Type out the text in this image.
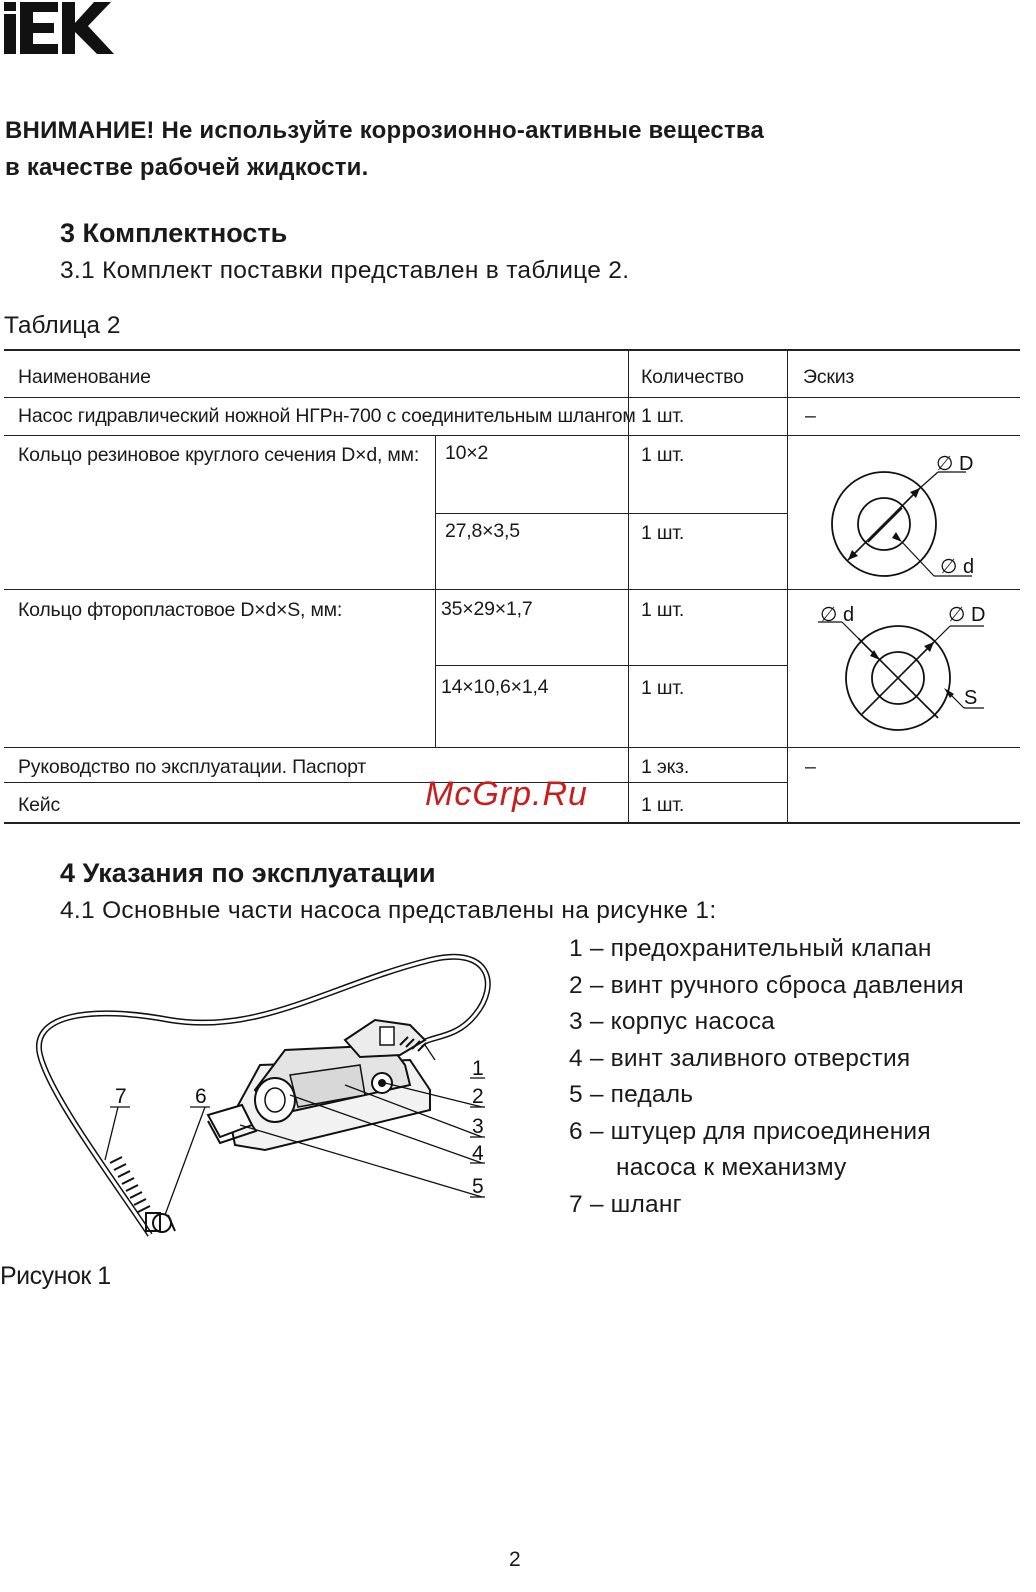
ВНИМАНИЕ! Не используйте коррозионно-активные вещества
в качестве рабочей жидкости.
3 Комплектность
3.1 Комплект поставки представлен в таблице 2.
Таблица 2
Наименование	Количество	Эскиз
Насос гидравлический ножной НГРн-700 с соединительным шлангом 1 шт.	–
Кольцо резиновое круглого сечения D×d, мм: 10×2	1 шт.
27,8×3,5	1 шт.
∅ D
∅ d
Кольцо фторопластовое D×d×S, мм:	35×29×1,7	1 шт.
14×10,6×1,4	1 шт.
∅ d	∅ D
S
Руководство по эксплуатации. Паспорт	1 экз.	–
Кейс	1 шт.
McGrp.Ru
4 Указания по эксплуатации
4.1 Основные части насоса представлены на рисунке 1:
1 – предохранительный клапан
2 – винт ручного сброса давления
3 – корпус насоса
4 – винт заливного отверстия
5 – педаль
6 – штуцер для присоединения
насоса к механизму
7 – шланг
1
2
3
4
5
6
7
Рисунок 1
2
